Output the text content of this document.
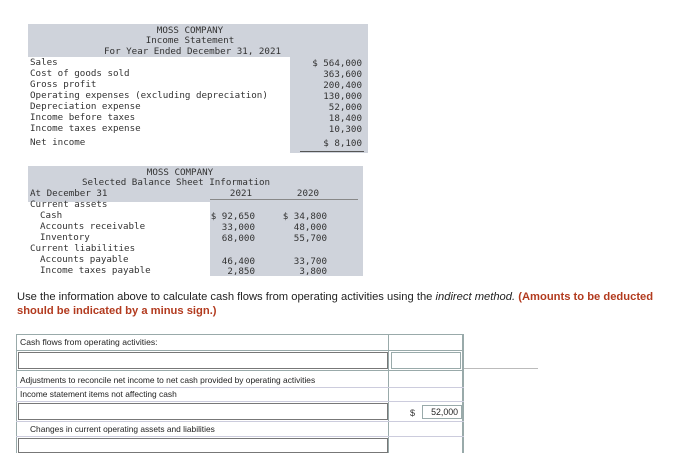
MOSS COMPANY
Income Statement
For Year Ended December 31, 2021
Sales	$ 564,000
Cost of goods sold	363,600
Gross profit	200,400
Operating expenses (excluding depreciation)	130,000
Depreciation expense	52,000
Income before taxes	18,400
Income taxes expense	10,300
Net income	$ 8,100
MOSS COMPANY
Selected Balance Sheet Information
At December 31	2021	2020
Current assets
Cash	$ 92,650	$ 34,800
Accounts receivable	33,000	48,000
Inventory	68,000	55,700
Current liabilities
Accounts payable	46,400	33,700
Income taxes payable	2,850	3,800
Use the information above to calculate cash flows from operating activities using the indirect method. (Amounts to be deducted should be indicated by a minus sign.)
Cash flows from operating activities:
Adjustments to reconcile net income to net cash provided by operating activities
Income statement items not affecting cash
$	52,000
Changes in current operating assets and liabilities
